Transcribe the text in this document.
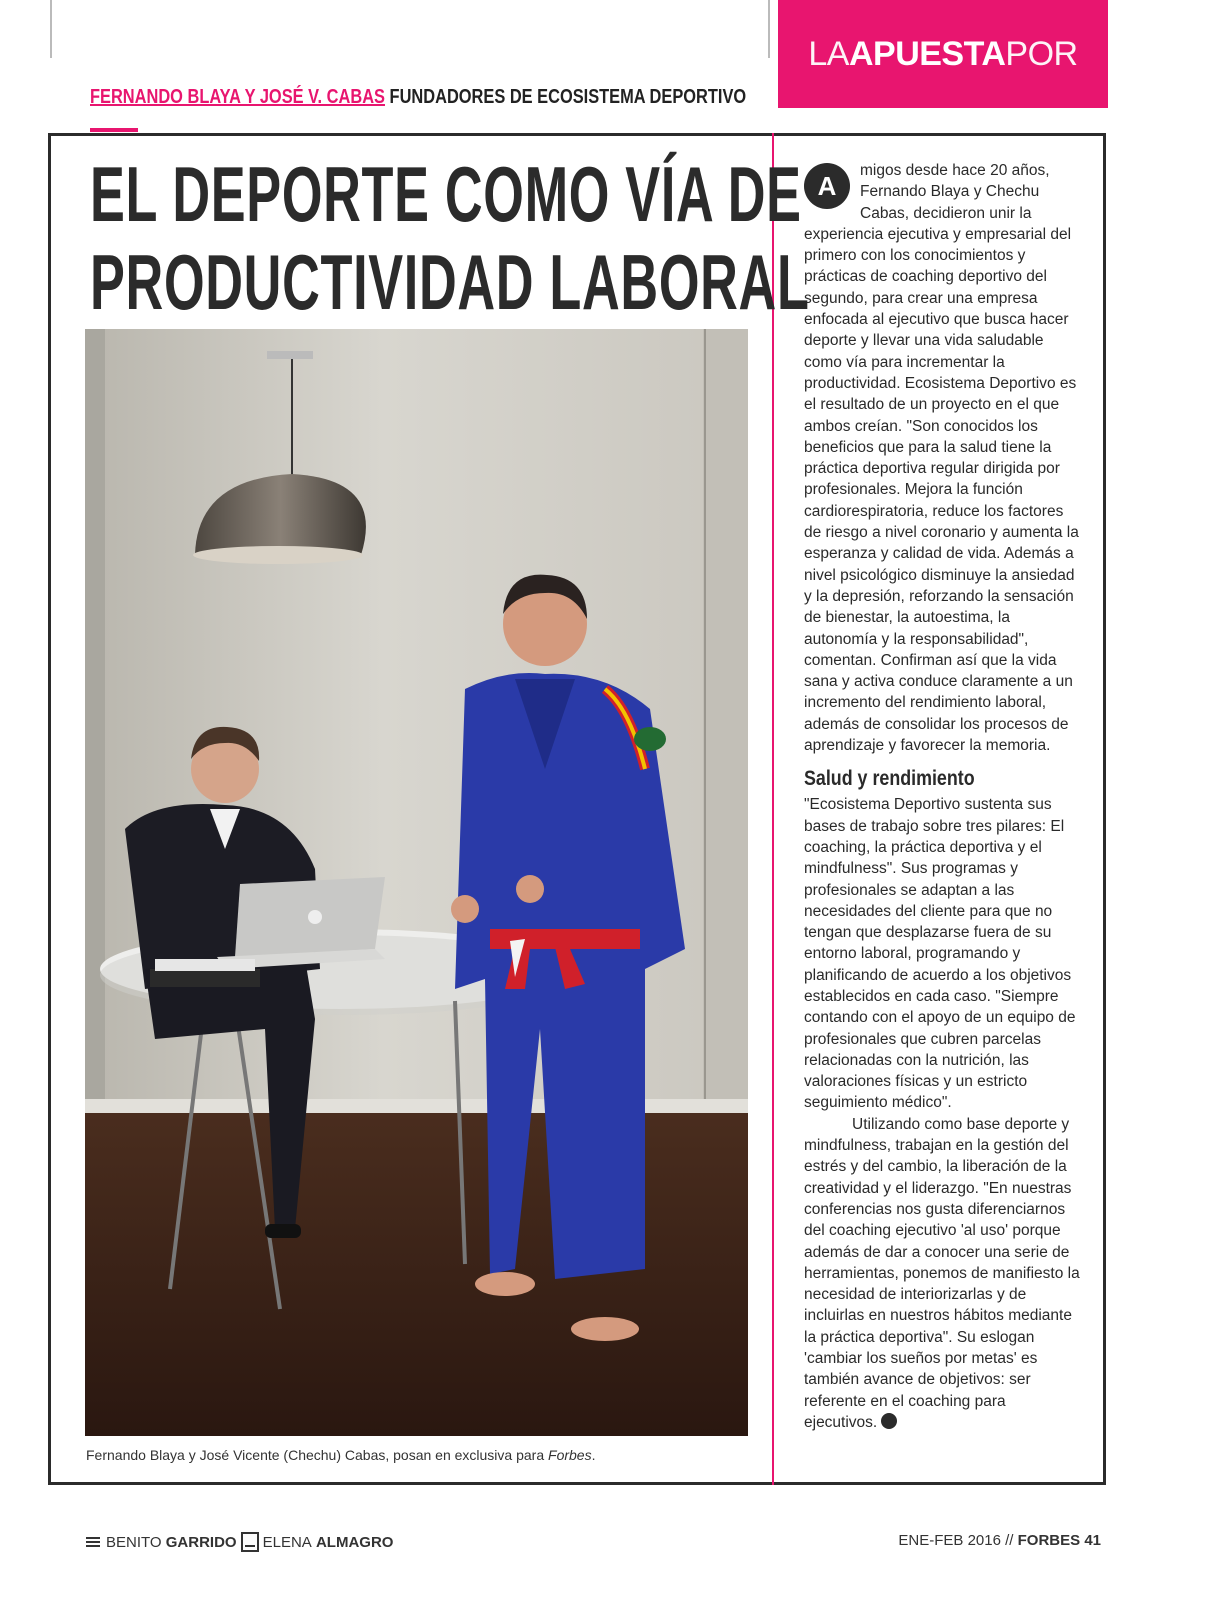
LA APUESTA POR
FERNANDO BLAYA Y JOSÉ V. CABAS FUNDADORES DE ECOSISTEMA DEPORTIVO
EL DEPORTE COMO VÍA DE
PRODUCTIVIDAD LABORAL
Fernando Blaya y José Vicente (Chechu) Cabas, posan en exclusiva para Forbes.

A
migos desde hace 20 años, Fernando Blaya y Chechu Cabas, decidieron unir la experiencia ejecutiva y empresarial del primero con los conocimientos y prácticas de coaching deportivo del segundo, para crear una empresa enfocada al ejecutivo que busca hacer deporte y llevar una vida saludable como vía para incrementar la productividad. Ecosistema Deportivo es el resultado de un proyecto en el que ambos creían. "Son conocidos los beneficios que para la salud tiene la práctica deportiva regular dirigida por profesionales. Mejora la función cardiorespiratoria, reduce los factores de riesgo a nivel coronario y aumenta la esperanza y calidad de vida. Además a nivel psicológico disminuye la ansiedad y la depresión, reforzando la sensación de bienestar, la autoestima, la autonomía y la responsabilidad", comentan. Confirman así que la vida sana y activa conduce claramente a un incremento del rendimiento laboral, además de consolidar los procesos de aprendizaje y favorecer la memoria.

Salud y rendimiento

"Ecosistema Deportivo sustenta sus bases de trabajo sobre tres pilares: El coaching, la práctica deportiva y el mindfulness". Sus programas y profesionales se adaptan a las necesidades del cliente para que no tengan que desplazarse fuera de su entorno laboral, programando y planificando de acuerdo a los objetivos establecidos en cada caso. "Siempre contando con el apoyo de un equipo de profesionales que cubren parcelas relacionadas con la nutrición, las valoraciones físicas y un estricto seguimiento médico".

Utilizando como base deporte y mindfulness, trabajan en la gestión del estrés y del cambio, la liberación de la creatividad y el liderazgo. "En nuestras conferencias nos gusta diferenciarnos del coaching ejecutivo 'al uso' porque además de dar a conocer una serie de herramientas, ponemos de manifiesto la necesidad de interiorizarlas y de incluirlas en nuestros hábitos mediante la práctica deportiva". Su eslogan 'cambiar los sueños por metas' es también avance de objetivos: ser referente en el coaching para ejecutivos.

BENITO
GARRIDO ELENA
ALMAGRO	ENE-FEB 2016 // FORBES 41
